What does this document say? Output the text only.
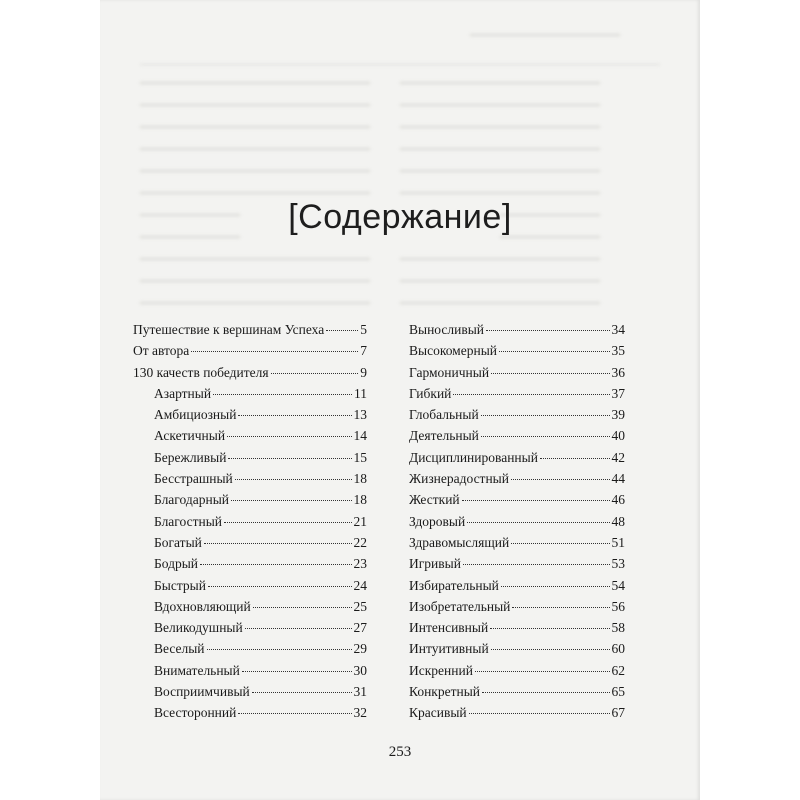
[Содержание]
Путешествие к вершинам Успеха	5
От автора	7
130 качеств победителя	9
Азартный	11
Амбициозный	13
Аскетичный	14
Бережливый	15
Бесстрашный	18
Благодарный	18
Благостный	21
Богатый	22
Бодрый	23
Быстрый	24
Вдохновляющий	25
Великодушный	27
Веселый	29
Внимательный	30
Восприимчивый	31
Всесторонний	32
Выносливый	34
Высокомерный	35
Гармоничный	36
Гибкий	37
Глобальный	39
Деятельный	40
Дисциплинированный	42
Жизнерадостный	44
Жесткий	46
Здоровый	48
Здравомыслящий	51
Игривый	53
Избирательный	54
Изобретательный	56
Интенсивный	58
Интуитивный	60
Искренний	62
Конкретный	65
Красивый	67
253
